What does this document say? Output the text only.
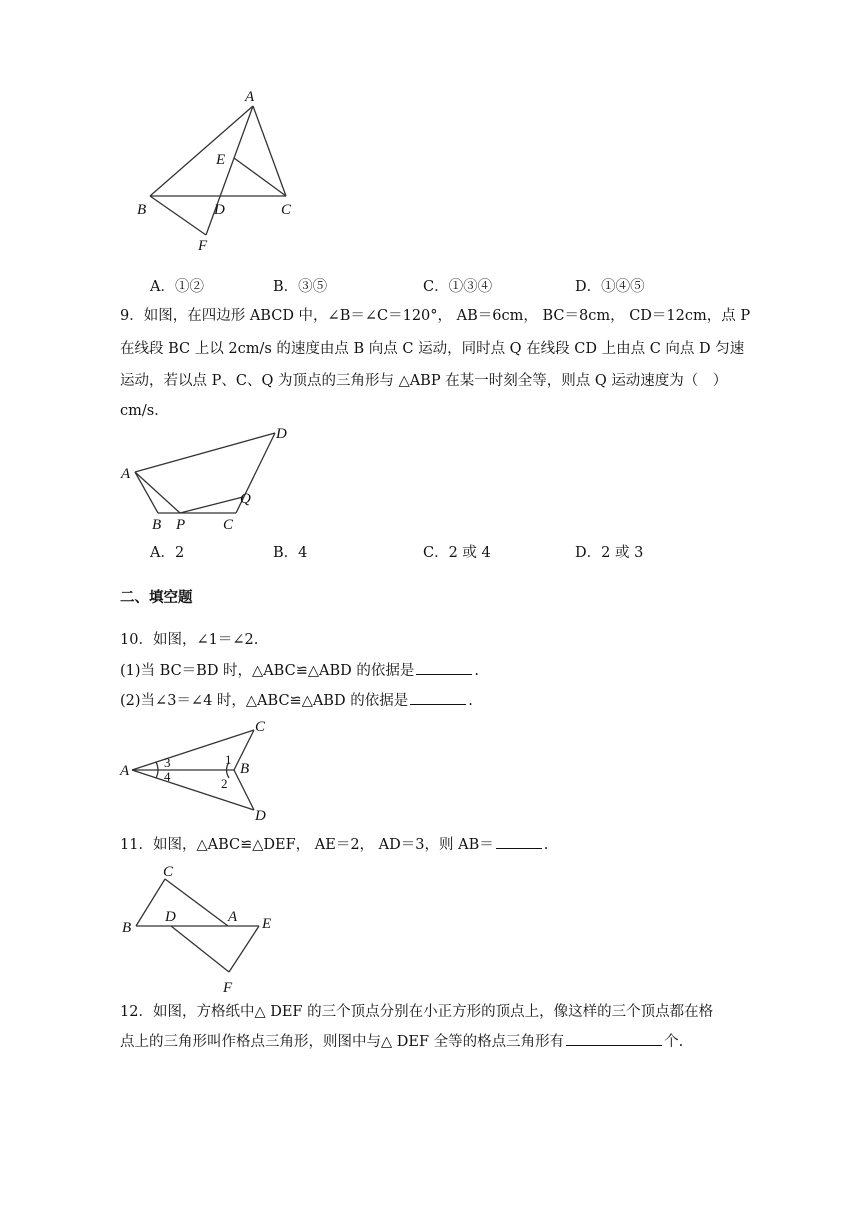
A
E
B	D	C
F
A．①②	B．③⑤	C．①③④	D．①④⑤
9．如图，在四边形 ABCD 中，∠B＝∠C＝120°， AB＝6cm， BC＝8cm， CD＝12cm，点 P
在线段 BC 上以 2cm/s 的速度由点 B 向点 C 运动，同时点 Q 在线段 CD 上由点 C 向点 D 匀速
运动，若以点 P、C、Q 为顶点的三角形与 △ABP 在某一时刻全等，则点 Q 运动速度为（　）
cm/s．
A
D
B P	C
Q
A．2	B．4	C．2 或 4	D．2 或 3
二、填空题
10．如图，∠1＝∠2.
(1)当 BC＝BD 时，△ABC≌△ABD 的依据是	.
(2)当∠3＝∠4 时，△ABC≌△ABD 的依据是	.
A	B
C
D
1
2
3
4
11．如图，△ABC≌△DEF， AE＝2， AD＝3，则 AB＝	.
C
B
D	A E
F
12．如图，方格纸中△ DEF 的三个顶点分别在小正方形的顶点上，像这样的三个顶点都在格
点上的三角形叫作格点三角形，则图中与△ DEF 全等的格点三角形有	个.
